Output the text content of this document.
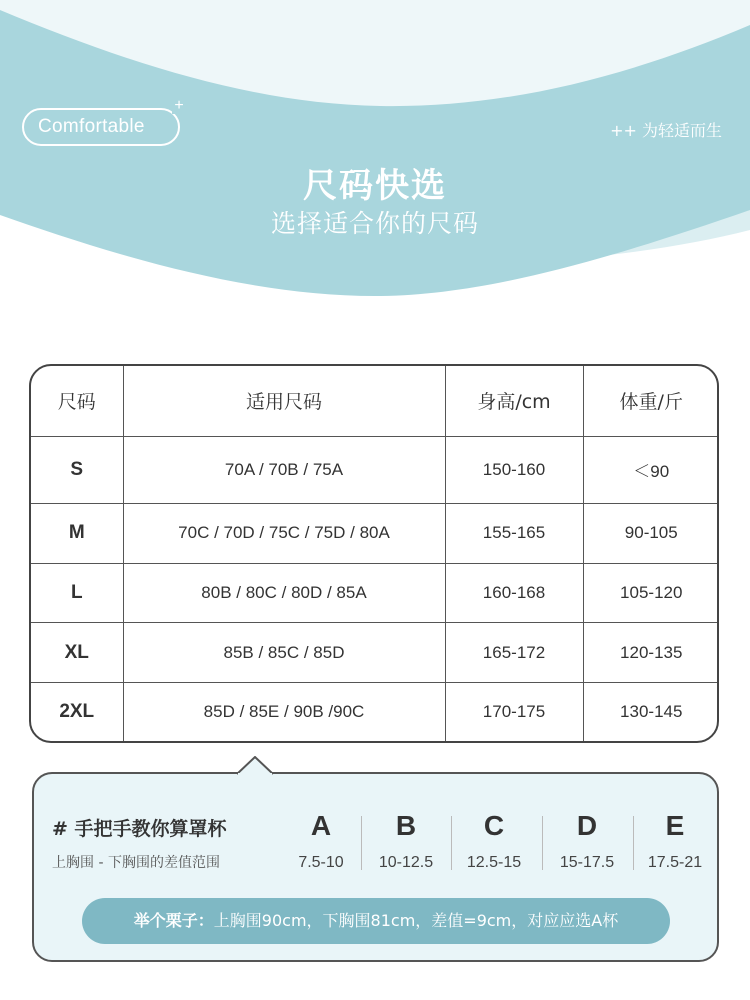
Comfortable
+
++ 为轻适而生
尺码快选
选择适合你的尺码
尺码	适用尺码	身高/cm	体重/斤
S	70A / 70B / 75A	150-160	＜90
M	70C / 70D / 75C / 75D / 80A	155-165	90-105
L	80B / 80C / 80D / 85A	160-168	105-120
XL	85B / 85C / 85D	165-172	120-135
2XL	85D / 85E / 90B /90C	170-175	130-145
# 手把手教你算罩杯
上胸围 - 下胸围的差值范围
A
7.5-10
B
10-12.5
C
12.5-15
D
15-17.5
E
17.5-21
举个栗子：上胸围90cm，下胸围81cm，差值=9cm，对应应选A杯
